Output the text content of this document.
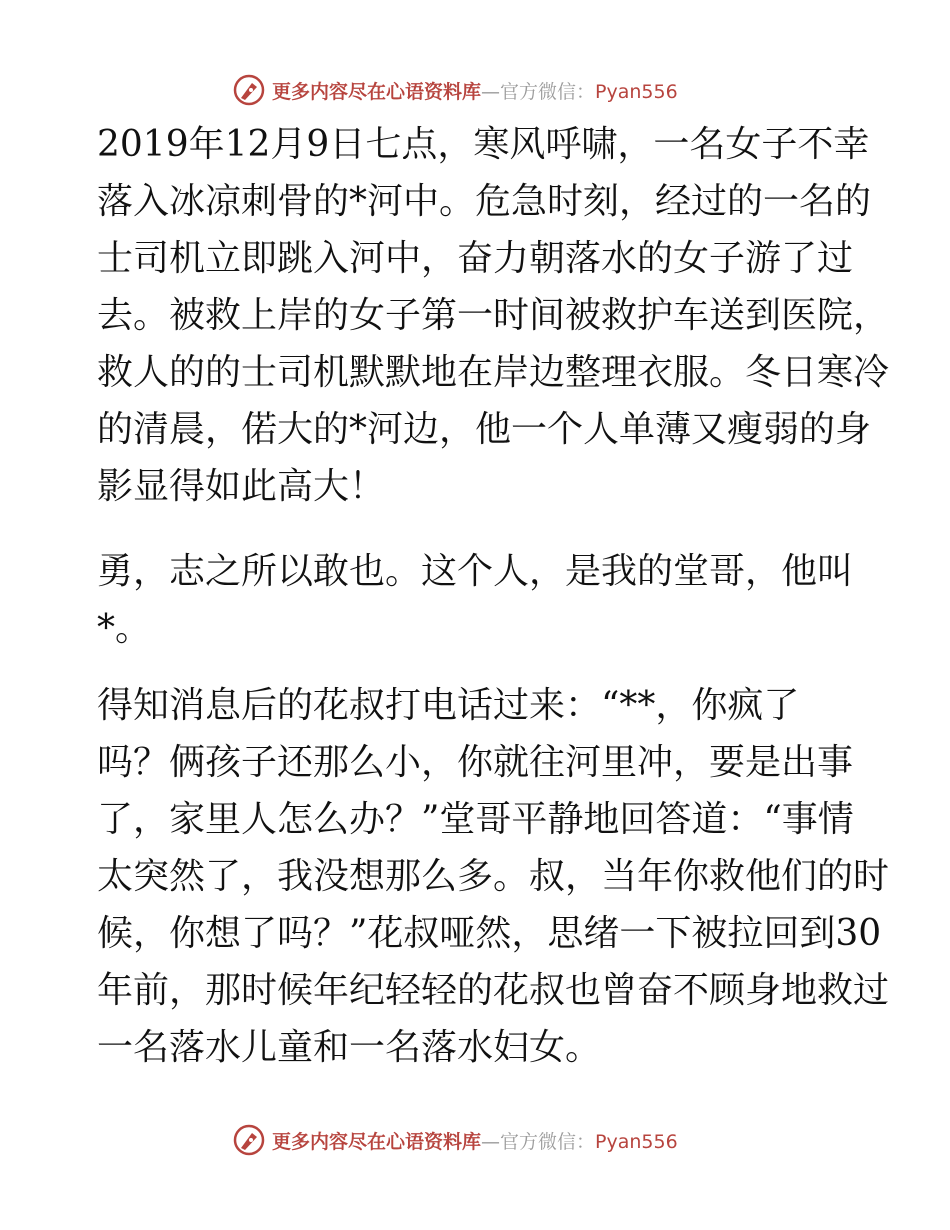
更多内容尽在心语资料库—官方微信：Pyan556
2019年12月9日七点，寒风呼啸，一名女子不幸
落入冰凉刺骨的*河中。危急时刻，经过的一名的
士司机立即跳入河中，奋力朝落水的女子游了过
去。被救上岸的女子第一时间被救护车送到医院，
救人的的士司机默默地在岸边整理衣服。冬日寒冷
的清晨，偌大的*河边，他一个人单薄又瘦弱的身
影显得如此高大！
勇，志之所以敢也。这个人，是我的堂哥，他叫
*。
得知消息后的花叔打电话过来：“**，你疯了
吗？俩孩子还那么小，你就往河里冲，要是出事
了，家里人怎么办？”堂哥平静地回答道：“事情
太突然了，我没想那么多。叔，当年你救他们的时
候，你想了吗？”花叔哑然，思绪一下被拉回到30
年前，那时候年纪轻轻的花叔也曾奋不顾身地救过
一名落水儿童和一名落水妇女。
更多内容尽在心语资料库—官方微信：Pyan556
